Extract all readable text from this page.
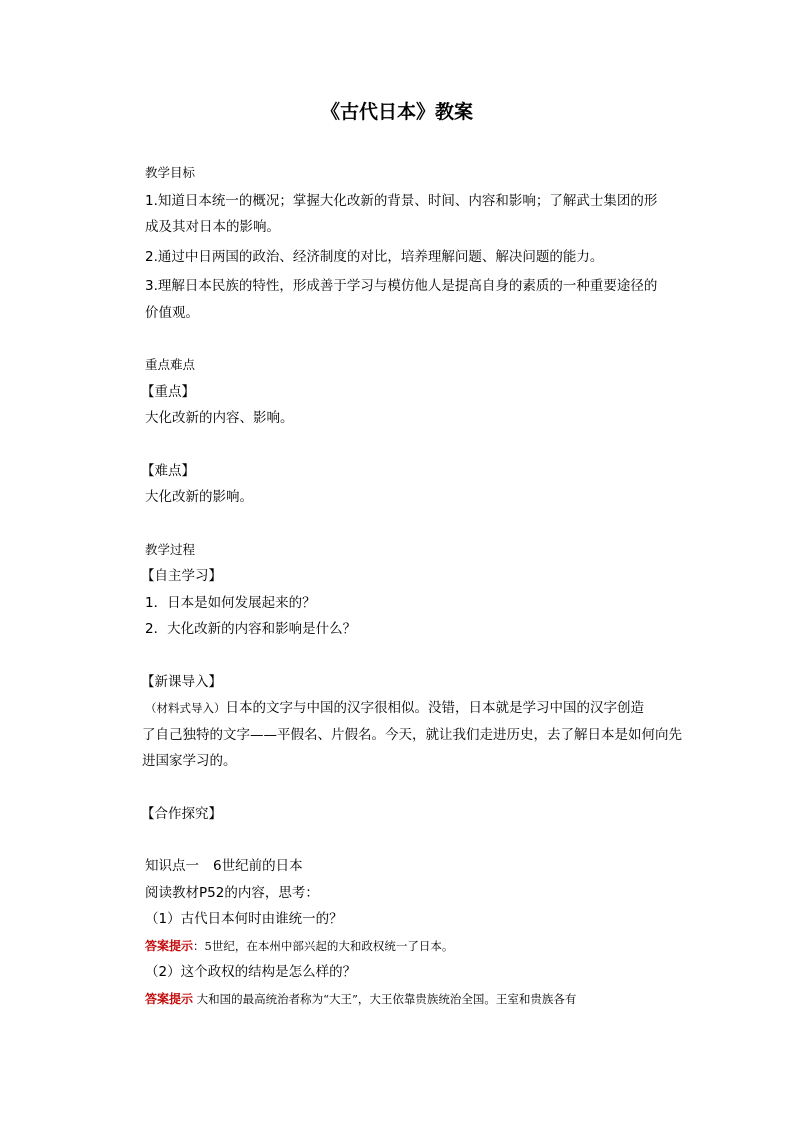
《古代日本》教案
教学目标
1.知道日本统一的概况；掌握大化改新的背景、时间、内容和影响；了解武士集团的形
成及其对日本的影响。
2.通过中日两国的政治、经济制度的对比，培养理解问题、解决问题的能力。
3.理解日本民族的特性，形成善于学习与模仿他人是提高自身的素质的一种重要途径的
价值观。
重点难点
【重点】
大化改新的内容、影响。
【难点】
大化改新的影响。
教学过程
【自主学习】
1．日本是如何发展起来的？
2．大化改新的内容和影响是什么？
【新课导入】
（材料式导入）日本的文字与中国的汉字很相似。没错，日本就是学习中国的汉字创造
了自己独特的文字——平假名、片假名。今天，就让我们走进历史，去了解日本是如何向先
进国家学习的。
【合作探究】
知识点一 6世纪前的日本
阅读教材P52的内容，思考：
（1）古代日本何时由谁统一的？
答案提示：5世纪，在本州中部兴起的大和政权统一了日本。
（2）这个政权的结构是怎么样的？
答案提示 大和国的最高统治者称为“大王”，大王依靠贵族统治全国。王室和贵族各有
